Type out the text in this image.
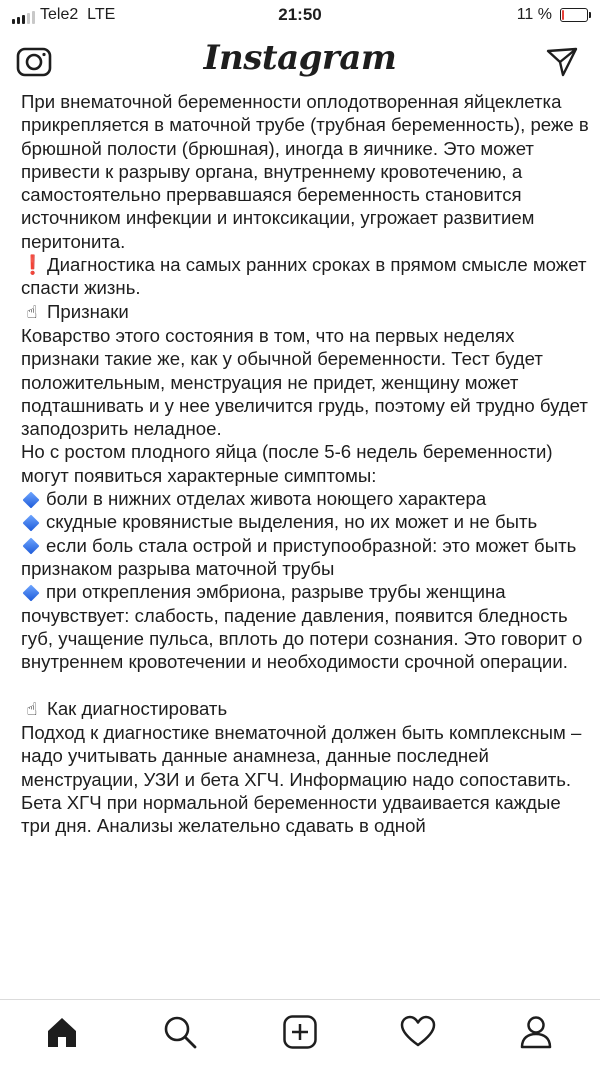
Tele2 LTE	21:50	11 %
Instagram

При внематочной беременности оплодотворенная яйцеклетка прикрепляется в маточной трубе (трубная беременность), реже в брюшной полости (брюшная), иногда в яичнике. Это может привести к разрыву органа, внутреннему кровотечению, а самостоятельно прервавшаяся беременность становится источником инфекции и интоксикации, угрожает развитием перитонита.

❗ Диагностика на самых ранних сроках в прямом смысле может спасти жизнь.

☝ Признаки

Коварство этого состояния в том, что на первых неделях признаки такие же, как у обычной беременности. Тест будет положительным, менструация не придет, женщину может подташнивать и у нее увеличится грудь, поэтому ей трудно будет заподозрить неладное.

Но с ростом плодного яйца (после 5-6 недель беременности) могут появиться характерные симптомы:

боли в нижних отделах живота ноющего характера

скудные кровянистые выделения, но их может и не быть

если боль стала острой и приступообразной: это может быть признаком разрыва маточной трубы

при открепления эмбриона, разрыве трубы женщина почувствует: слабость, падение давления, появится бледность губ, учащение пульса, вплоть до потери сознания. Это говорит о внутреннем кровотечении и необходимости срочной операции.

☝ Как диагностировать

Подход к диагностике внематочной должен быть комплексным – надо учитывать данные анамнеза, данные последней менструации, УЗИ и бета ХГЧ. Информацию надо сопоставить. Бета ХГЧ при нормальной беременности удваивается каждые три дня. Анализы желательно сдавать в одной
